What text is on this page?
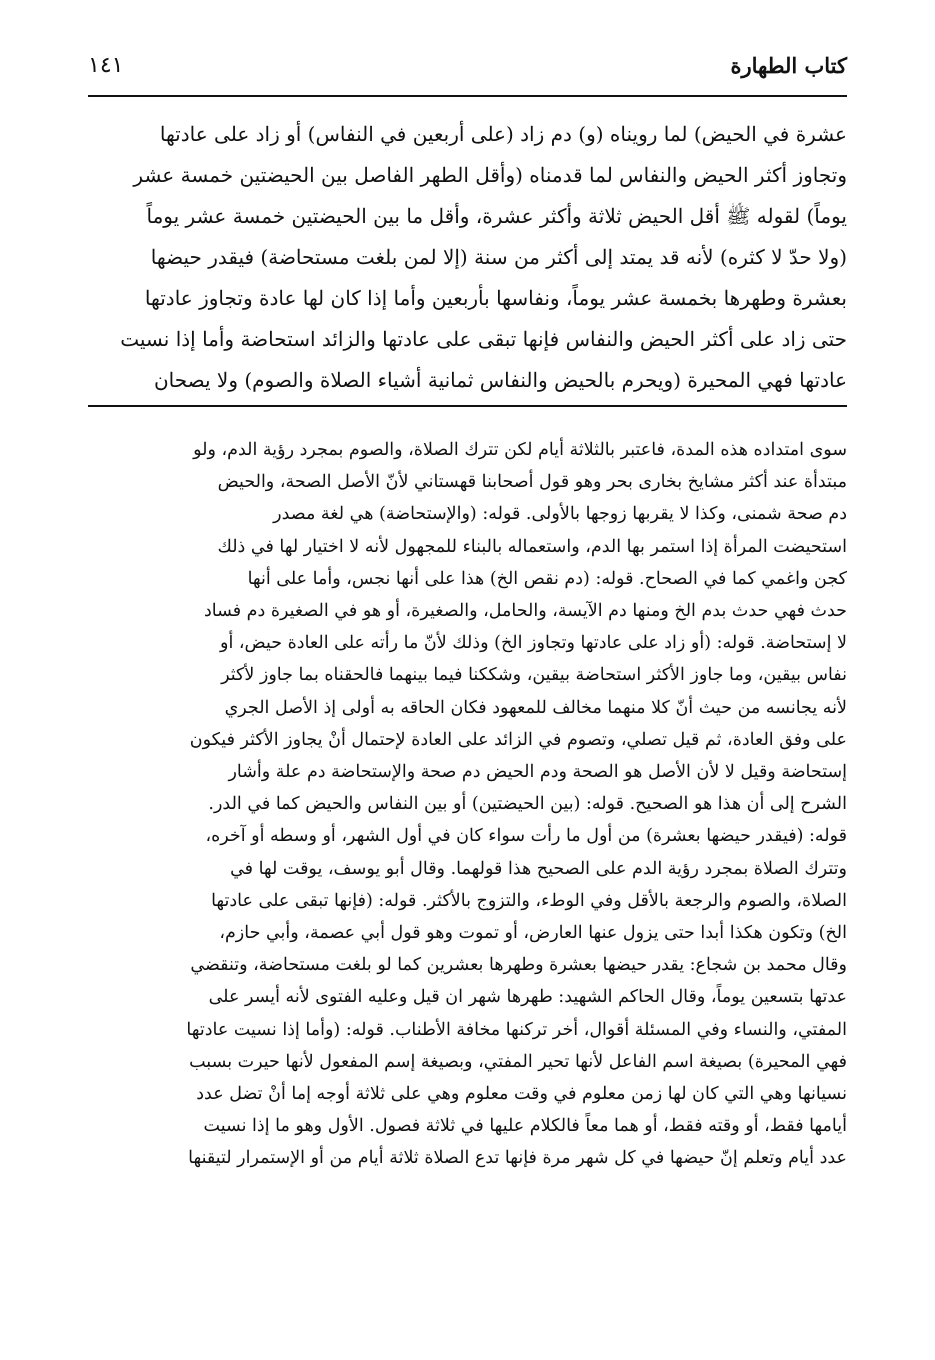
كتاب الطهارة
١٤١
عشرة في الحيض) لما رويناه (و) دم زاد (على أربعين في النفاس) أو زاد على عادتها
وتجاوز أكثر الحيض والنفاس لما قدمناه (وأقل الطهر الفاصل بين الحيضتين خمسة عشر
يوماً) لقوله ﷺ أقل الحيض ثلاثة وأكثر عشرة، وأقل ما بين الحيضتين خمسة عشر يوماً
(ولا حدّ لا كثره) لأنه قد يمتد إلى أكثر من سنة (إلا لمن بلغت مستحاضة) فيقدر حيضها
بعشرة وطهرها بخمسة عشر يوماً، ونفاسها بأربعين وأما إذا كان لها عادة وتجاوز عادتها
حتى زاد على أكثر الحيض والنفاس فإنها تبقى على عادتها والزائد استحاضة وأما إذا نسيت
عادتها فهي المحيرة (ويحرم بالحيض والنفاس ثمانية أشياء الصلاة والصوم) ولا يصحان
سوى امتداده هذه المدة، فاعتبر بالثلاثة أيام لكن تترك الصلاة، والصوم بمجرد رؤية الدم، ولو
مبتدأة عند أكثر مشايخ بخارى بحر وهو قول أصحابنا قهستاني لأنّ الأصل الصحة، والحيض
دم صحة شمنى، وكذا لا يقربها زوجها بالأولى. قوله: (والإستحاضة) هي لغة مصدر
استحيضت المرأة إذا استمر بها الدم، واستعماله بالبناء للمجهول لأنه لا اختيار لها في ذلك
كجن واغمي كما في الصحاح. قوله: (دم نقص الخ) هذا على أنها نجس، وأما على أنها
حدث فهي حدث بدم الخ ومنها دم الآيسة، والحامل، والصغيرة، أو هو في الصغيرة دم فساد
لا إستحاضة. قوله: (أو زاد على عادتها وتجاوز الخ) وذلك لأنّ ما رأته على العادة حيض، أو
نفاس بيقين، وما جاوز الأكثر استحاضة بيقين، وشككنا فيما بينهما فالحقناه بما جاوز لأكثر
لأنه يجانسه من حيث أنّ كلا منهما مخالف للمعهود فكان الحاقه به أولى إذ الأصل الجري
على وفق العادة، ثم قيل تصلي، وتصوم في الزائد على العادة لإحتمال أنْ يجاوز الأكثر فيكون
إستحاضة وقيل لا لأن الأصل هو الصحة ودم الحيض دم صحة والإستحاضة دم علة وأشار
الشرح إلى أن هذا هو الصحيح. قوله: (بين الحيضتين) أو بين النفاس والحيض كما في الدر.
قوله: (فيقدر حيضها بعشرة) من أول ما رأت سواء كان في أول الشهر، أو وسطه أو آخره،
وتترك الصلاة بمجرد رؤية الدم على الصحيح هذا قولهما. وقال أبو يوسف، يوقت لها في
الصلاة، والصوم والرجعة بالأقل وفي الوطء، والتزوج بالأكثر. قوله: (فإنها تبقى على عادتها
الخ) وتكون هكذا أبدا حتى يزول عنها العارض، أو تموت وهو قول أبي عصمة، وأبي حازم،
وقال محمد بن شجاع: يقدر حيضها بعشرة وطهرها بعشرين كما لو بلغت مستحاضة، وتنقضي
عدتها بتسعين يوماً، وقال الحاكم الشهيد: طهرها شهر ان قيل وعليه الفتوى لأنه أيسر على
المفتي، والنساء وفي المسئلة أقوال، أخر تركنها مخافة الأطناب. قوله: (وأما إذا نسيت عادتها
فهي المحيرة) بصيغة اسم الفاعل لأنها تحير المفتي، وبصيغة إسم المفعول لأنها حيرت بسبب
نسيانها وهي التي كان لها زمن معلوم في وقت معلوم وهي على ثلاثة أوجه إما أنْ تضل عدد
أيامها فقط، أو وقته فقط، أو هما معاً فالكلام عليها في ثلاثة فصول. الأول وهو ما إذا نسيت
عدد أيام وتعلم إنّ حيضها في كل شهر مرة فإنها تدع الصلاة ثلاثة أيام من أو الإستمرار لتيقنها
